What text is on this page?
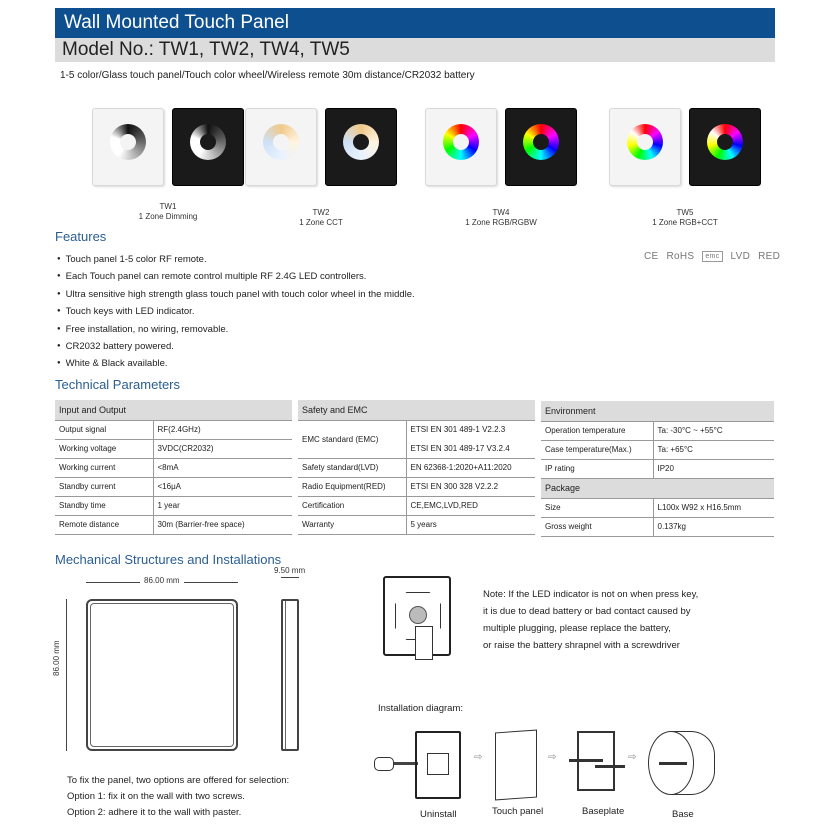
Wall Mounted Touch Panel
Model No.: TW1, TW2, TW4, TW5
1-5 color/Glass touch panel/Touch color wheel/Wireless remote 30m distance/CR2032 battery
TW1
1 Zone Dimming	TW2
1 Zone CCT
TW4
1 Zone RGB/RGBW
TW5
1 Zone RGB+CCT
Features
● Touch panel 1-5 color RF remote.
● Each Touch panel can remote control multiple RF 2.4G LED controllers.
● Ultra sensitive high strength glass touch panel with touch color wheel in the middle.
● Touch keys with LED indicator.
● Free installation, no wiring, removable.
● CR2032 battery powered.
● White & Black available.
CE RoHS	emc	LVD RED
Technical Parameters
Input and Output	
Output signal	RF(2.4GHz)
Working voltage	3VDC(CR2032)
Working current	<8mA
Standby current	<16μA
Standby time	1 year
Remote distance	30m (Barrier-free space)
Safety and EMC	
EMC standard (EMC)	ETSI EN 301 489-1 V2.2.3
	ETSI EN 301 489-17 V3.2.4
Safety standard(LVD)	EN 62368-1:2020+A11:2020
Radio Equipment(RED)	ETSI EN 300 328 V2.2.2
Certification	CE,EMC,LVD,RED
Warranty	5 years
Environment	
Operation temperature	Ta: -30°C ~ +55°C
Case temperature(Max.)	Ta: +65°C
IP rating	IP20
Package	
Size	L100x W92 x H16.5mm
Gross weight	0.137kg
Mechanical Structures and Installations
86.00 mm
86.00 mm
9.50 mm
To fix the panel, two options are offered for selection:
Option 1: fix it on the wall with two screws.
Option 2: adhere it to the wall with paster.
Note: If the LED indicator is not on when press key,
it is due to dead battery or bad contact caused by
multiple plugging, please replace the battery,
or raise the battery shrapnel with a screwdriver
Installation diagram:
⇨	⇨	⇨
Uninstall	Touch panel	Baseplate	Base
